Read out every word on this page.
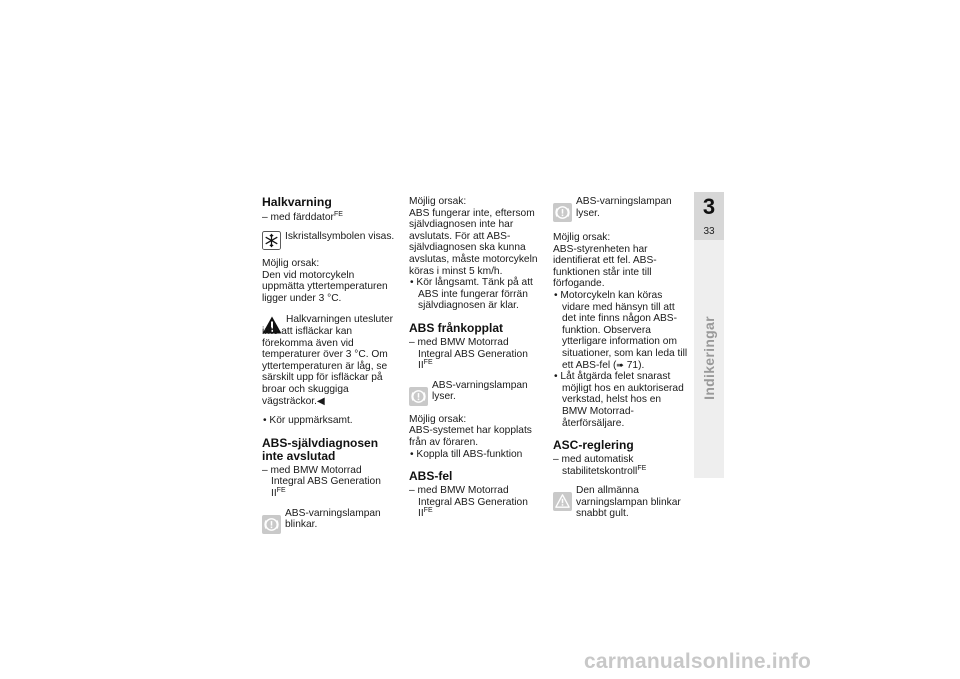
Halkvarning

– med färddator$^{FE}$

Iskristallsymbolen visas.

Möjlig orsak:

Den vid motorcykeln uppmätta yttertemperaturen ligger under 3 °C.

Halkvarningen utesluter inte att isfläckar kan förekomma även vid temperaturer över 3 °C. Om yttertemperaturen är låg, se särskilt upp för isfläckar på broar och skuggiga vägsträckor.◀

• Kör uppmärksamt.

ABS-självdiagnosen inte avslutad

– med BMW Motorrad Integral ABS Generation $II^{FE}$

ABS-varningslampan blinkar.

Möjlig orsak:

ABS fungerar inte, eftersom självdiagnosen inte har avslutats. För att ABS-självdiagnosen ska kunna avslutas, måste motorcykeln köras i minst 5 km/h.

• Kör långsamt. Tänk på att ABS inte fungerar förrän självdiagnosen är klar.

ABS frånkopplat

– med BMW Motorrad Integral ABS Generation $II^{FE}$

ABS-varningslampan lyser.

Möjlig orsak:

ABS-systemet har kopplats från av föraren.

• Koppla till ABS-funktion

ABS-fel

– med BMW Motorrad Integral ABS Generation $II^{FE}$

ABS-varningslampan lyser.

Möjlig orsak:

ABS-styrenheten har identifierat ett fel. ABS-funktionen står inte till förfogande.

• Motorcykeln kan köras vidare med hänsyn till att det inte finns någon ABS-funktion. Observera ytterligare information om situationer, som kan leda till ett ABS-fel (➠ 71).

• Låt åtgärda felet snarast möjligt hos en auktoriserad verkstad, helst hos en BMW Motorrad-återförsäljare.

ASC-reglering

– med automatisk stabilitetskontroll$^{FE}$

Den allmänna varningslampan blinkar snabbt gult.
3
33
Indikeringar
carmanualsonline.info
